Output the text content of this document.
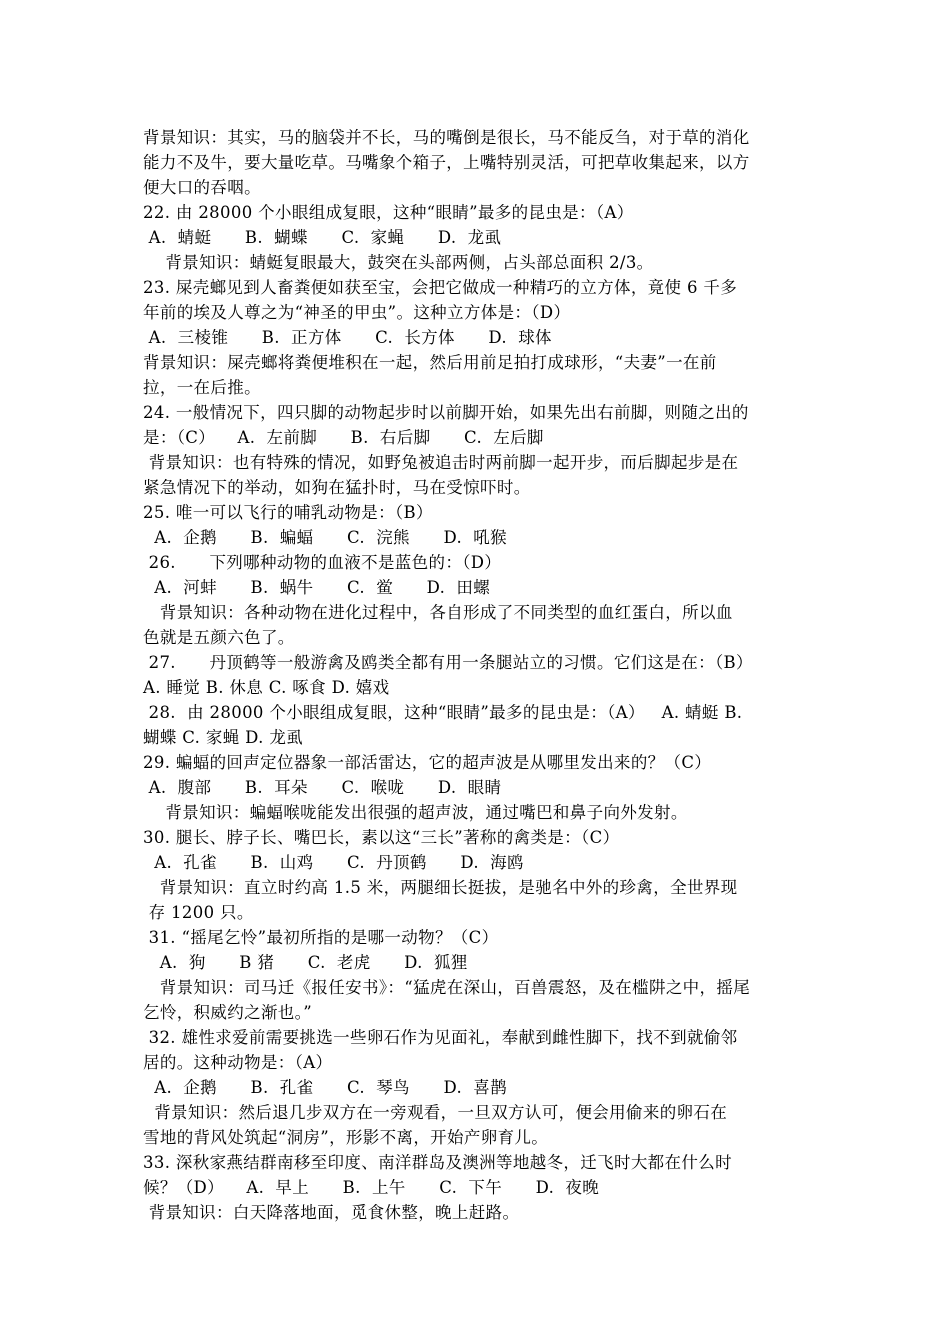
背景知识：其实，马的脑袋并不长，马的嘴倒是很长，马不能反刍，对于草的消化
能力不及牛，要大量吃草。马嘴象个箱子，上嘴特别灵活，可把草收集起来，以方
便大口的吞咽。
22. 由 28000 个小眼组成复眼，这种“眼睛”最多的昆虫是：（A）
A.  蜻蜓      B.  蝴蝶      C.  家蝇      D.  龙虱
背景知识：蜻蜓复眼最大，鼓突在头部两侧，占头部总面积 2/3。
23. 屎壳螂见到人畜粪便如获至宝，会把它做成一种精巧的立方体，竟使 6 千多
年前的埃及人尊之为“神圣的甲虫”。这种立方体是：（D）
A.  三棱锥      B.  正方体      C.  长方体      D.  球体
背景知识：屎壳螂将粪便堆积在一起，然后用前足拍打成球形，“夫妻”一在前
拉，一在后推。
24. 一般情况下，四只脚的动物起步时以前脚开始，如果先出右前脚，则随之出的
是：（C）    A.  左前脚      B.  右后脚      C.  左后脚
背景知识：也有特殊的情况，如野兔被追击时两前脚一起开步，而后脚起步是在
紧急情况下的举动，如狗在猛扑时，马在受惊吓时。
25. 唯一可以飞行的哺乳动物是：（B）
A.  企鹅      B.  蝙蝠      C.  浣熊      D.  吼猴
26.      下列哪种动物的血液不是蓝色的：（D）
A.  河蚌      B.  蜗牛      C.  鲎      D.  田螺
背景知识：各种动物在进化过程中，各自形成了不同类型的血红蛋白，所以血
色就是五颜六色了。
27.      丹顶鹤等一般游禽及鸥类全都有用一条腿站立的习惯。它们这是在：（B）
A. 睡觉 B. 休息 C. 啄食 D. 嬉戏
28.  由 28000 个小眼组成复眼，这种“眼睛”最多的昆虫是：（A）   A. 蜻蜓 B.
蝴蝶 C. 家蝇 D. 龙虱
29. 蝙蝠的回声定位器象一部活雷达，它的超声波是从哪里发出来的？（C）
A.  腹部      B.  耳朵      C.  喉咙      D.  眼睛
背景知识：蝙蝠喉咙能发出很强的超声波，通过嘴巴和鼻子向外发射。
30. 腿长、脖子长、嘴巴长，素以这“三长”著称的禽类是：（C）
A.  孔雀      B.  山鸡      C.  丹顶鹤      D.  海鸥
背景知识：直立时约高 1.5 米，两腿细长挺拔，是驰名中外的珍禽，全世界现
存 1200 只。
31. “摇尾乞怜”最初所指的是哪一动物？（C）
A.  狗      B 猪      C.  老虎      D.  狐狸
背景知识：司马迁《报任安书》：“猛虎在深山，百兽震怒，及在槛阱之中，摇尾
乞怜，积威约之渐也。”
32. 雄性求爱前需要挑选一些卵石作为见面礼，奉献到雌性脚下，找不到就偷邻
居的。这种动物是：（A）
A.  企鹅      B.  孔雀      C.  琴鸟      D.  喜鹊
背景知识：然后退几步双方在一旁观看，一旦双方认可，便会用偷来的卵石在
雪地的背风处筑起“洞房”，形影不离，开始产卵育儿。
33. 深秋家燕结群南移至印度、南洋群岛及澳洲等地越冬，迁飞时大都在什么时
候？（D）    A.  早上      B.  上午      C.  下午      D.  夜晚
背景知识：白天降落地面，觅食休整，晚上赶路。
